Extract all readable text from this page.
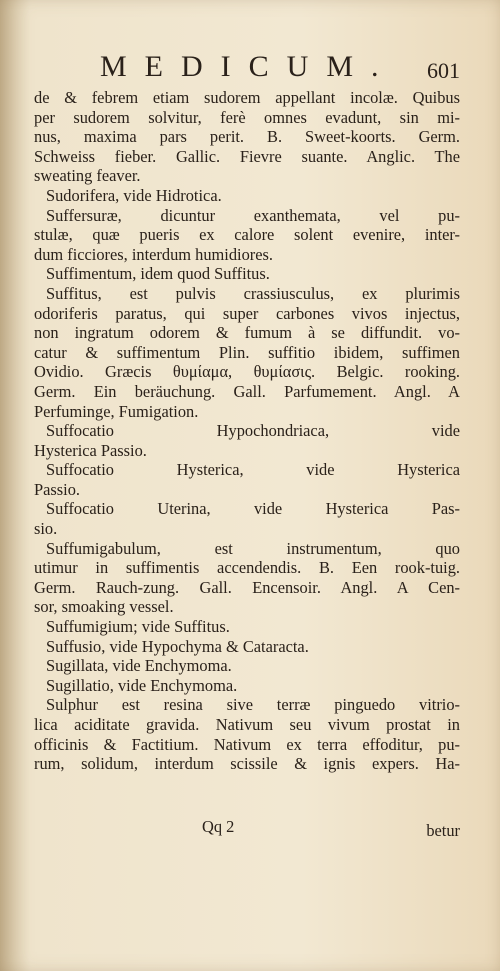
MEDICUM. 601
de & febrem etiam sudorem appellant incolæ. Quibus
per sudorem solvitur, ferè omnes evadunt, sin mi-
nus, maxima pars perit. B. Sweet-koorts. Germ.
Schweiss fieber. Gallic. Fievre suante. Anglic. The
sweating feaver.
Sudorifera, vide Hidrotica.
Suffersuræ, dicuntur exanthemata, vel pu-
stulæ, quæ pueris ex calore solent evenire, inter-
dum ficciores, interdum humidiores.
Suffimentum, idem quod Suffitus.
Suffitus, est pulvis crassiusculus, ex plurimis
odoriferis paratus, qui super carbones vivos injectus,
non ingratum odorem & fumum à se diffundit. vo-
catur & suffimentum Plin. suffitio ibidem, suffimen
Ovidio. Græcis θυμίαμα, θυμίασις. Belgic. rooking.
Germ. Ein beräuchung. Gall. Parfumement. Angl. A
Perfuminge, Fumigation.
Suffocatio Hypochondriaca, vide
Hysterica Passio.
Suffocatio Hysterica, vide Hysterica
Passio.
Suffocatio Uterina, vide Hysterica Pas-
sio.
Suffumigabulum, est instrumentum, quo
utimur in suffimentis accendendis. B. Een rook-tuig.
Germ. Rauch-zung. Gall. Encensoir. Angl. A Cen-
sor, smoaking vessel.
Suffumigium; vide Suffitus.
Suffusio, vide Hypochyma & Cataracta.
Sugillata, vide Enchymoma.
Sugillatio, vide Enchymoma.
Sulphur est resina sive terræ pinguedo vitrio-
lica aciditate gravida. Nativum seu vivum prostat in
officinis & Factitium. Nativum ex terra effoditur, pu-
rum, solidum, interdum scissile & ignis expers. Ha-
Qq 2	betur
